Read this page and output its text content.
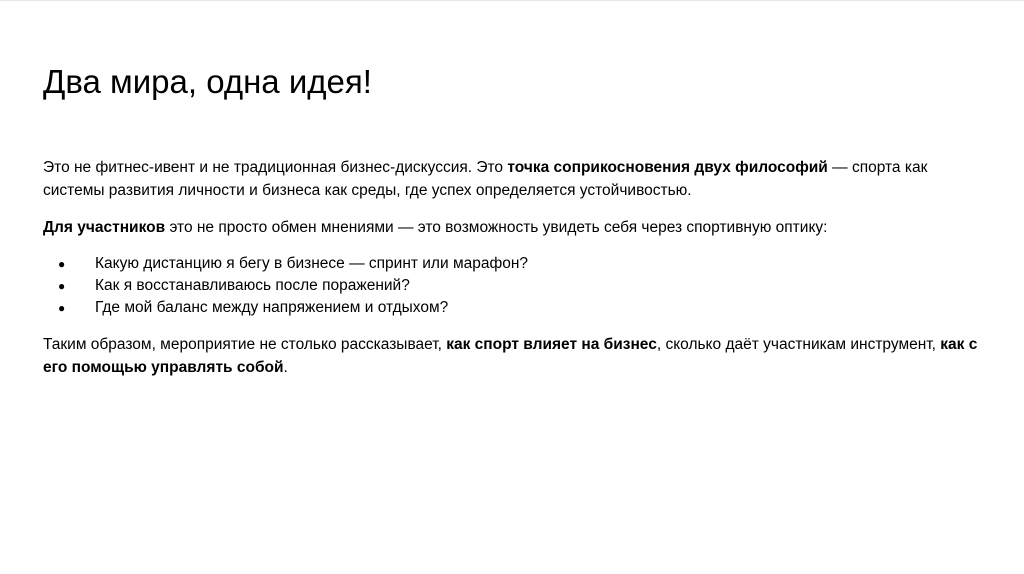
Два мира, одна идея!

Это не фитнес-ивент и не традиционная бизнес-дискуссия. Это точка соприкосновения двух философий — спорта как системы развития личности и бизнеса как среды, где успех определяется устойчивостью.

Для участников это не просто обмен мнениями — это возможность увидеть себя через спортивную оптику:

● Какую дистанцию я бегу в бизнесе — спринт или марафон?
● Как я восстанавливаюсь после поражений?
● Где мой баланс между напряжением и отдыхом?

Таким образом, мероприятие не столько рассказывает, как спорт влияет на бизнес, сколько даёт участникам инструмент, как с его помощью управлять собой.
